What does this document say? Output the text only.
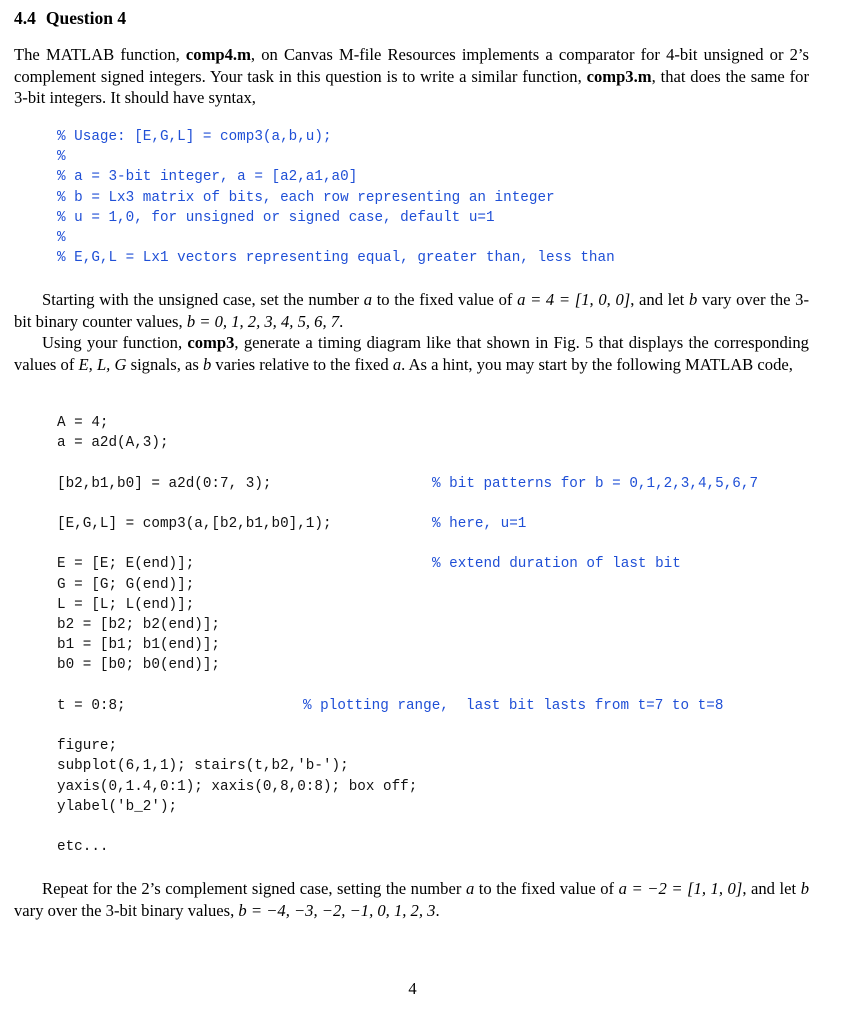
4.4 Question 4

The MATLAB function, comp4.m, on Canvas M-file Resources implements a comparator for 4-bit unsigned or 2’s complement signed integers. Your task in this question is to write a similar function, comp3.m, that does the same for 3-bit integers. It should have syntax,

% Usage: [E,G,L] = comp3(a,b,u);
%
% a = 3-bit integer, a = [a2,a1,a0]
% b = Lx3 matrix of bits, each row representing an integer
% u = 1,0, for unsigned or signed case, default u=1
%
% E,G,L = Lx1 vectors representing equal, greater than, less than

Starting with the unsigned case, set the number a to the fixed value of a = 4 = [1, 0, 0], and let b vary over the 3-bit binary counter values, b = 0, 1, 2, 3, 4, 5, 6, 7.

Using your function, comp3, generate a timing diagram like that shown in Fig. 5 that displays the corresponding values of E, L, G signals, as b varies relative to the fixed a. As a hint, you may start by the following MATLAB code,

A = 4;
a = a2d(A,3);

[b2,b1,b0] = a2d(0:7, 3);	% bit patterns for b = 0,1,2,3,4,5,6,7

[E,G,L] = comp3(a,[b2,b1,b0],1);	% here, u=1

E = [E; E(end)];	% extend duration of last bit
G = [G; G(end)];
L = [L; L(end)];
b2 = [b2; b2(end)];
b1 = [b1; b1(end)];
b0 = [b0; b0(end)];

t = 0:8;	% plotting range,  last bit lasts from t=7 to t=8

figure;
subplot(6,1,1); stairs(t,b2,'b-');
yaxis(0,1.4,0:1); xaxis(0,8,0:8); box off;
ylabel('b_2');

etc...

Repeat for the 2’s complement signed case, setting the number a to the fixed value of a = −2 = [1, 1, 0], and let b vary over the 3-bit binary values, b = −4, −3, −2, −1, 0, 1, 2, 3.

4
